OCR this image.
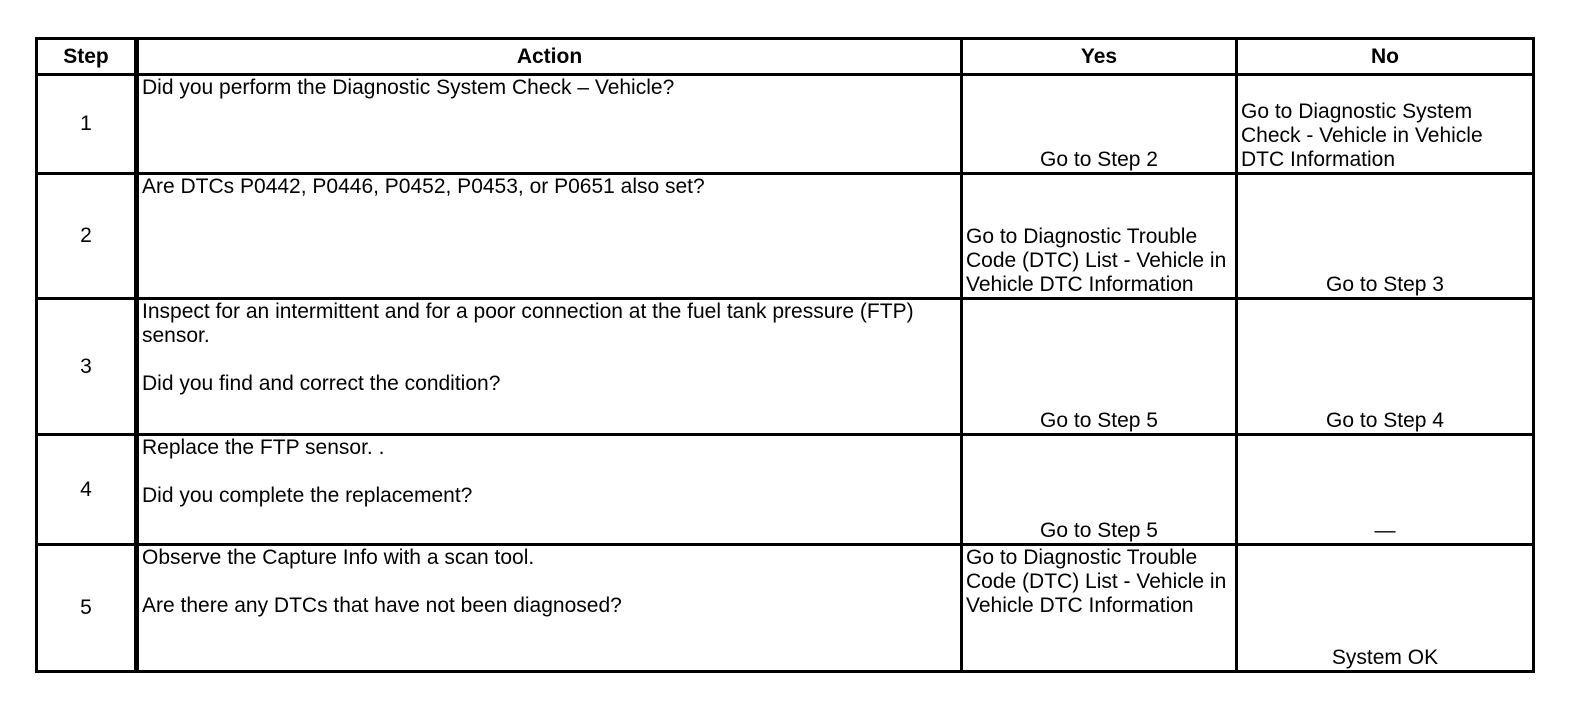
Step	Action	Yes	No
1	Did you perform the Diagnostic System Check – Vehicle?	Go to Step 2	Go to Diagnostic System Check - Vehicle in Vehicle DTC Information
2	Are DTCs P0442, P0446, P0452, P0453, or P0651 also set?	Go to Diagnostic Trouble Code (DTC) List - Vehicle in Vehicle DTC Information	Go to Step 3
3	Inspect for an intermittent and for a poor connection at the fuel tank pressure (FTP) sensor.

Did you find and correct the condition?	Go to Step 5	Go to Step 4
4	Replace the FTP sensor. .

Did you complete the replacement?	Go to Step 5	—
5	Observe the Capture Info with a scan tool.

Are there any DTCs that have not been diagnosed?	Go to Diagnostic Trouble Code (DTC) List - Vehicle in Vehicle DTC Information	System OK
